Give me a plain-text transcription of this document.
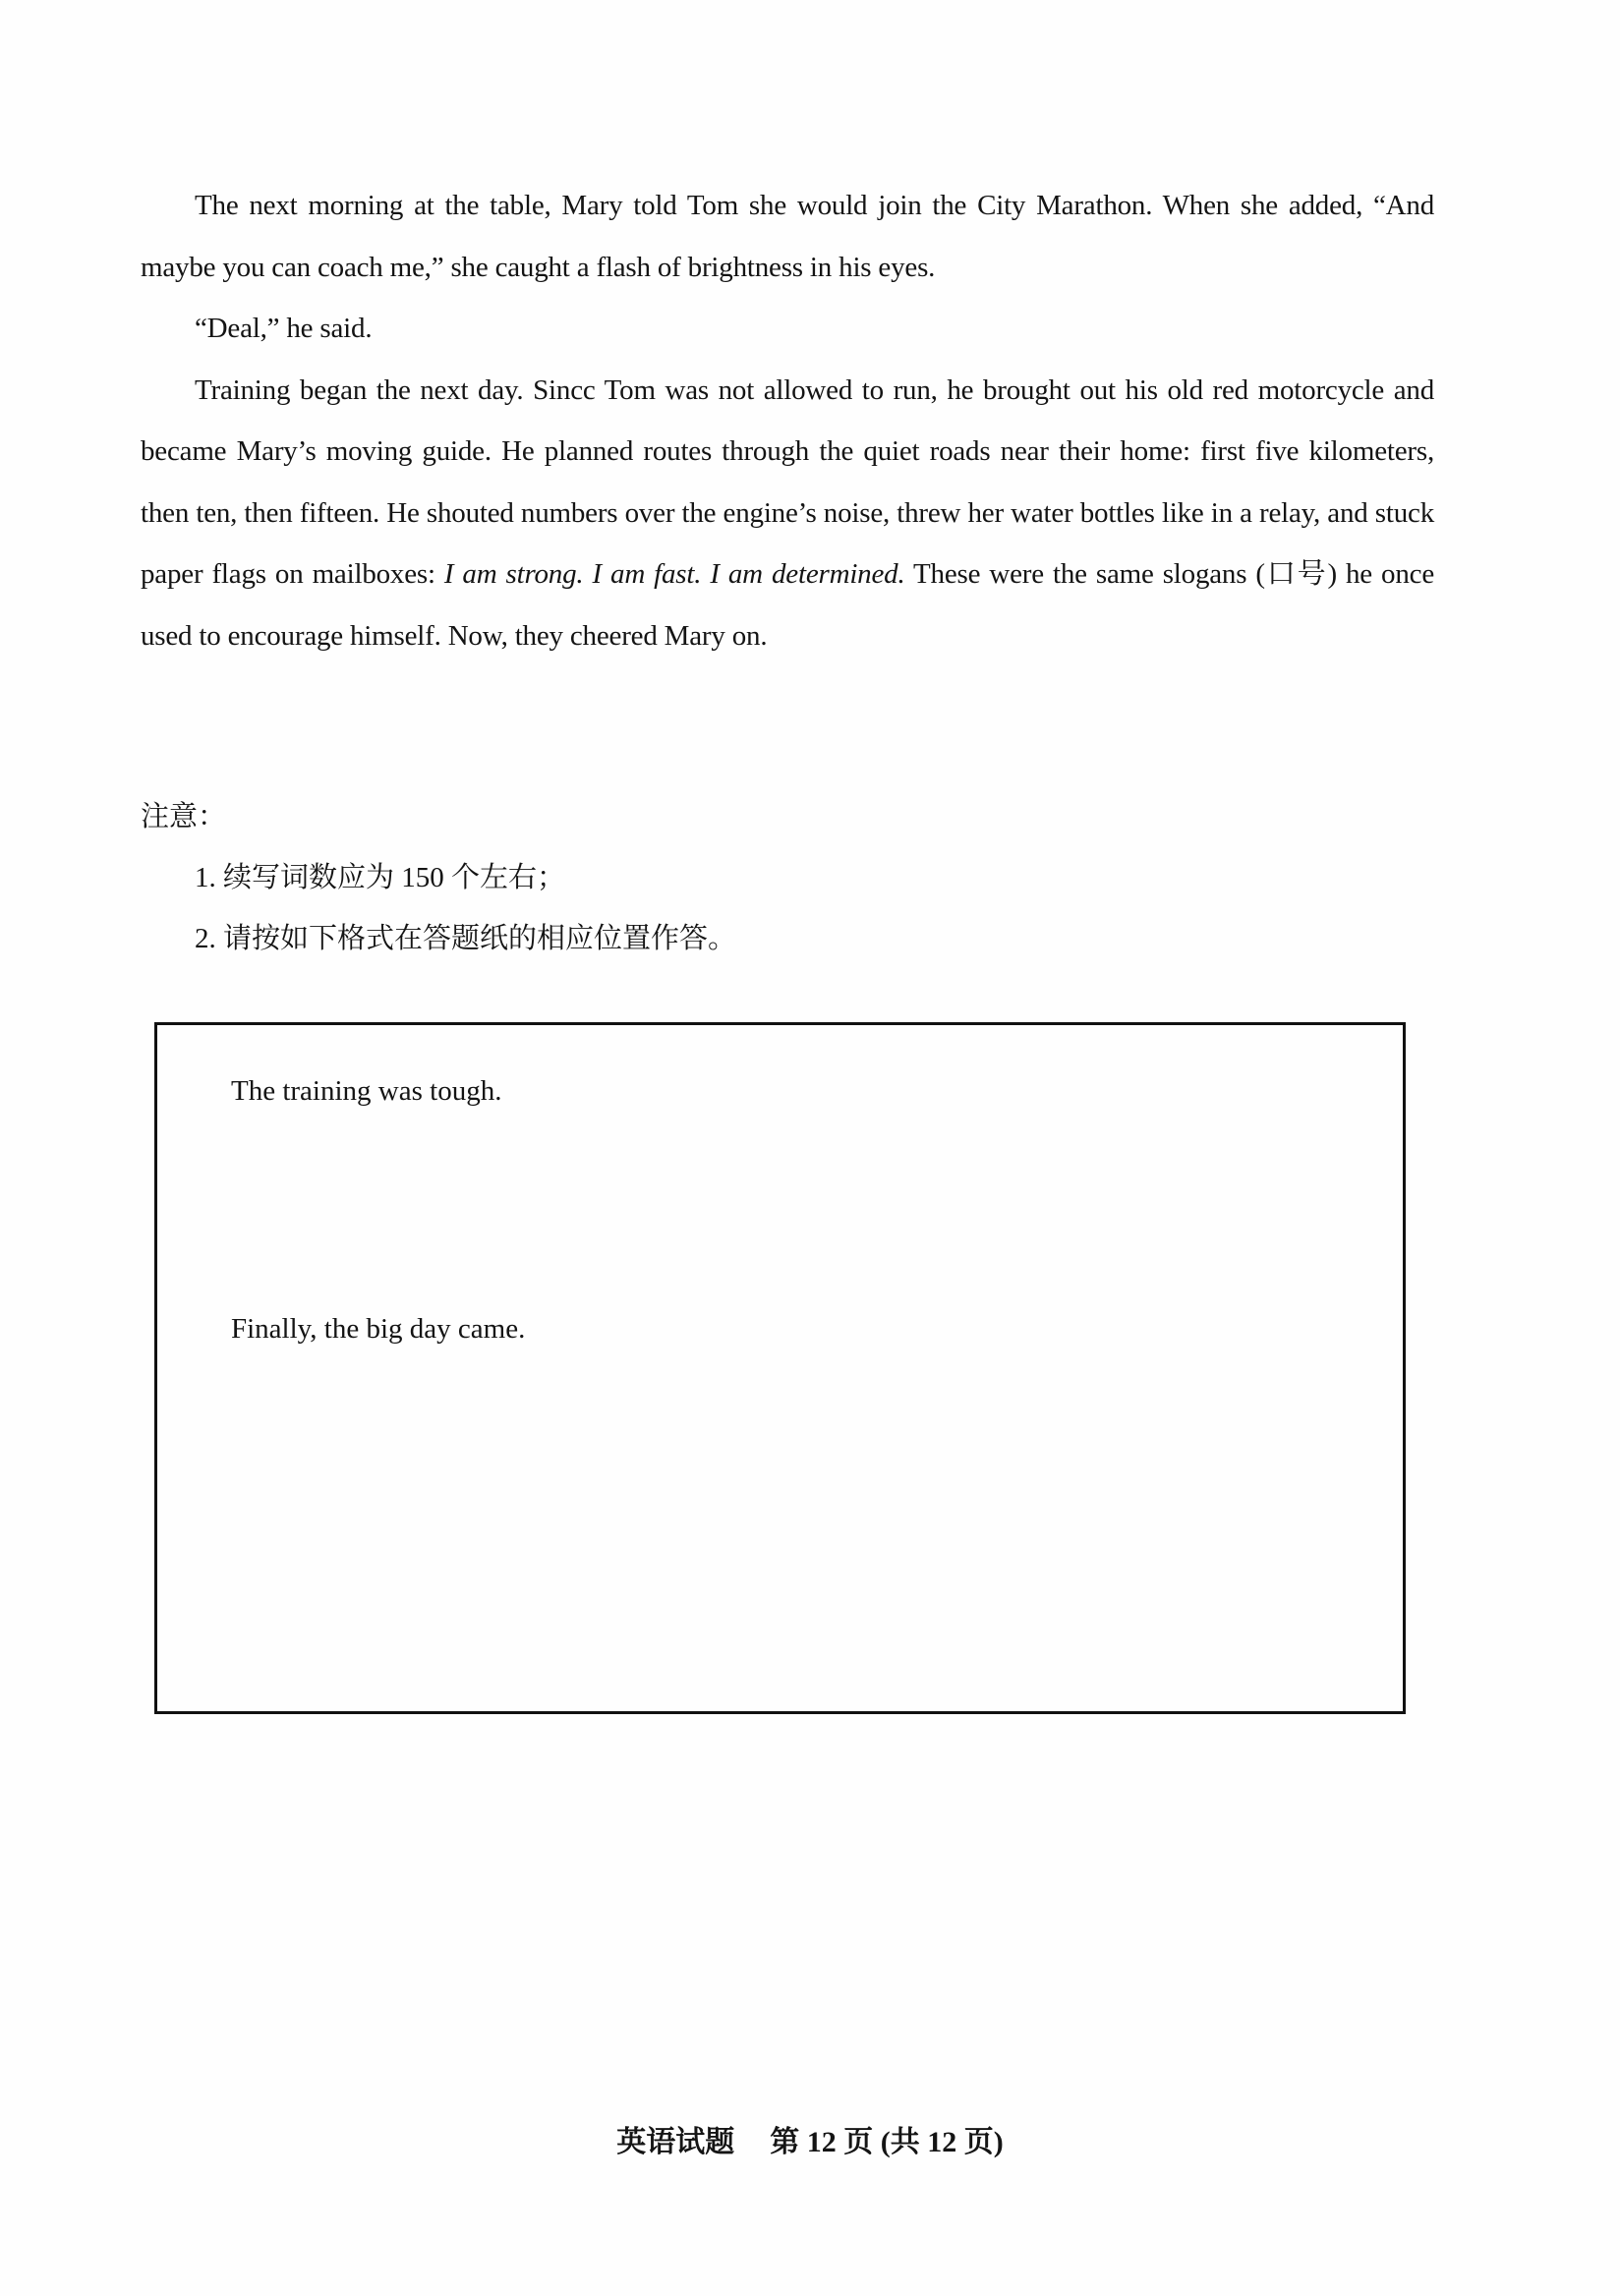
The next morning at the table, Mary told Tom she would join the City Marathon. When she added, “And maybe you can coach me,” she caught a flash of brightness in his eyes.

“Deal,” he said.

Training began the next day. Sincc Tom was not allowed to run, he brought out his old red motorcycle and became Mary’s moving guide. He planned routes through the quiet roads near their home: first five kilometers, then ten, then fifteen. He shouted numbers over the engine’s noise, threw her water bottles like in a relay, and stuck paper flags on mailboxes: I am strong. I am fast. I am determined. These were the same slogans (口号) he once used to encourage himself. Now, they cheered Mary on.

注意：

1. 续写词数应为 150 个左右；
2. 请按如下格式在答题纸的相应位置作答。

The training was tough.

Finally, the big day came.

英语试题 第 12 页 (共 12 页)
